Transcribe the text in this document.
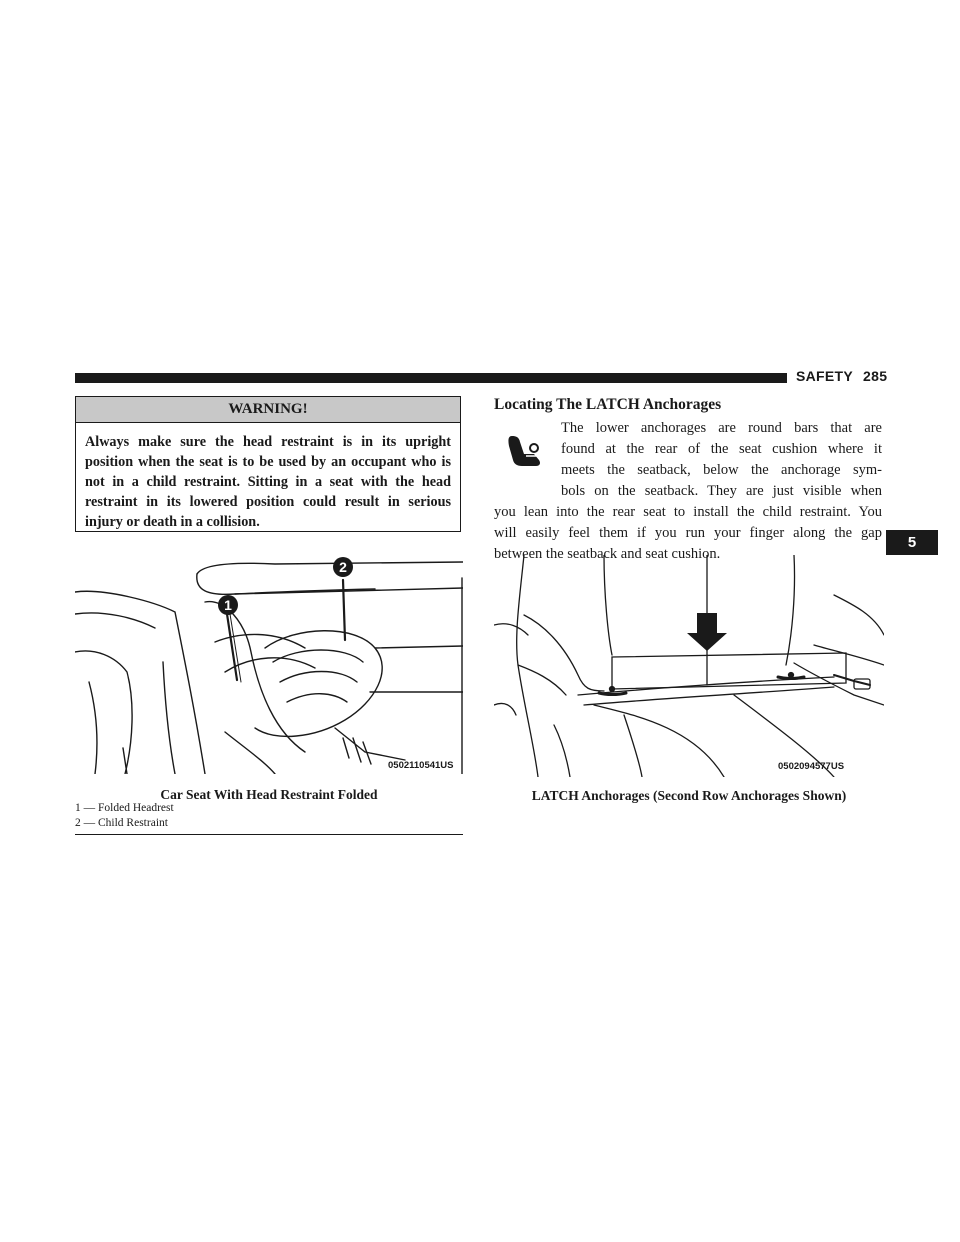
SAFETY 285
WARNING!
Always make sure the head restraint is in its upright position when the seat is to be used by an occupant who is not in a child restraint. Sitting in a seat with the head restraint in its lowered position could result in serious injury or death in a collision.
1
2
0502110541US
Car Seat With Head Restraint Folded
1 — Folded Headrest
2 — Child Restraint
Locating The LATCH Anchorages
The lower anchorages are round bars that are
found at the rear of the seat cushion where it
meets the seatback, below the anchorage sym-
bols on the seatback. They are just visible when
you lean into the rear seat to install the child restraint. You
will easily feel them if you run your finger along the gap
between the seatback and seat cushion.
0502094577US
LATCH Anchorages (Second Row Anchorages Shown)
5
